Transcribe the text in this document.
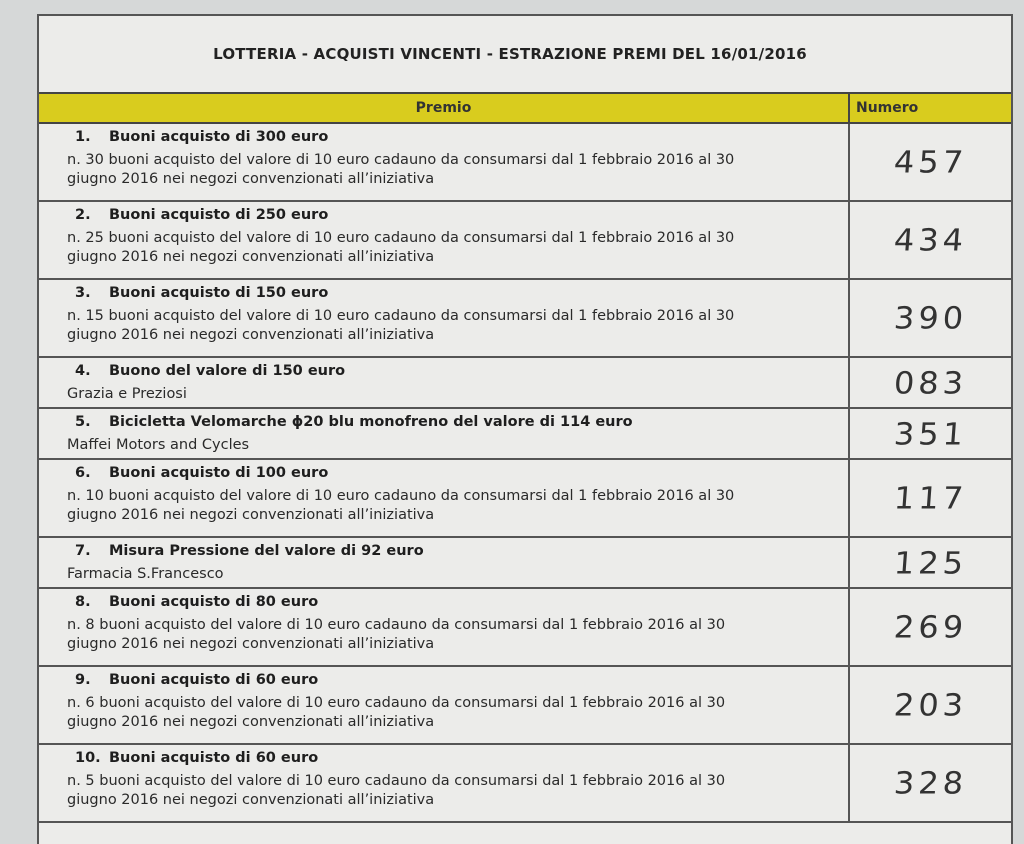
LOTTERIA - ACQUISTI VINCENTI - ESTRAZIONE PREMI DEL 16/01/2016
Premio	Numero

1. Buoni acquisto di 300 euro
n. 30 buoni acquisto del valore di 10 euro cadauno da consumarsi dal 1 febbraio 2016 al 30
giugno 2016 nei negozi convenzionati all’iniziativa	457

2. Buoni acquisto di 250 euro
n. 25 buoni acquisto del valore di 10 euro cadauno da consumarsi dal 1 febbraio 2016 al 30
giugno 2016 nei negozi convenzionati all’iniziativa	434

3. Buoni acquisto di 150 euro
n. 15 buoni acquisto del valore di 10 euro cadauno da consumarsi dal 1 febbraio 2016 al 30
giugno 2016 nei negozi convenzionati all’iniziativa	390

4. Buono del valore di 150 euro
Grazia e Preziosi	083

5. Bicicletta Velomarche ϕ20 blu monofreno del valore di 114 euro
Maffei Motors and Cycles	351

6. Buoni acquisto di 100 euro
n. 10 buoni acquisto del valore di 10 euro cadauno da consumarsi dal 1 febbraio 2016 al 30
giugno 2016 nei negozi convenzionati all’iniziativa	117

7. Misura Pressione del valore di 92 euro
Farmacia S.Francesco	125

8. Buoni acquisto di 80 euro
n. 8 buoni acquisto del valore di 10 euro cadauno da consumarsi dal 1 febbraio 2016 al 30
giugno 2016 nei negozi convenzionati all’iniziativa	269

9. Buoni acquisto di 60 euro
n. 6 buoni acquisto del valore di 10 euro cadauno da consumarsi dal 1 febbraio 2016 al 30
giugno 2016 nei negozi convenzionati all’iniziativa	203

10. Buoni acquisto di 60 euro
n. 5 buoni acquisto del valore di 10 euro cadauno da consumarsi dal 1 febbraio 2016 al 30
giugno 2016 nei negozi convenzionati all’iniziativa	328
